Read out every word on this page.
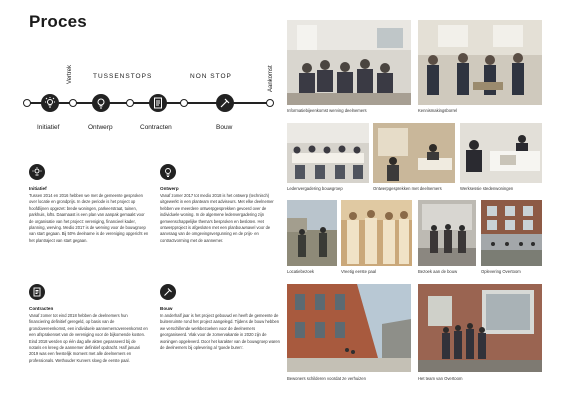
Proces
Vertrek	Aankomst
TUSSENSTOPS	NON STOP
Initiatief	Ontwerp	Contracten	Bouw
Initiatief
Tussen 2014 en 2016 hebben we met de gemeente gesproken over locatie en grondprijs. In deze periode is het project op hoofdlijnen opgezet: brede woningen, parkeerstraat, tuinen, parkhuis, lofts. Daarnaast is een plan van aanpak gemaakt voor de organisatie van het project: vereniging, financieel kader, planning, werving. Medio 2017 is de werving voor de bouwgroep van start gegaan. Bij 50% deelname is de vereniging opgericht en het plantraject van start gegaan.
Ontwerp
Vanaf zomer 2017 tot medio 2018 is het ontwerp (technisch) uitgewerkt in een planteam met adviseurs. Met elke deelnemer hebben we meerdere ontwerpgesprekken gevoerd over de individuele woning. In de algemene ledenvergadering zijn gemeenschappelijke thema's besproken en besloten. Het ontwerpproject is afgesloten met een planbouwnavel voor de aanvraag van de omgevingsvergunning en de prijs- en contractvorming met de aannemer.
Contracten
Vanaf zomer tot eind 2018 hebben de deelnemers hun financiering definitief geregeld, op basis van de grondovereenkomst, een individuele aannemersovereenkomst en een afsprakenset van de vereniging voor de bijkomende kosten. Eind 2018 werden op één dag alle akten gepasseerd bij de notaris en kreeg de aannemer definitief opdracht. Half januari 2019 was een feestelijk moment met alle deelnemers en professionals. Wethouder Kurvers sloeg de eerste paal.
Bouw
In anderhalf jaar is het project gebouwd en heeft de gemeente de buitenruimte rond het project aangelegd. Tijdens de bouw hebben we verschillende werkbezoeken voor de deelnemers georganiseerd. Vlak voor de zomervakantie in 2020 zijn de woningen opgeleverd. Door het karakter van de bouwgroep waren de deelnemers bij oplevering al 'goede buren'.
Informatiebijeenkomst werving deelnemers	Kennismakingsborrel
Ledenvergadering bouwgroep	Ontwerpgesprekken met deelnemers	Werksessie stedenwoningen
Locatiebezoek	Vreetig eerste paal	Bezoek aan de bouw	Oplevering Overtoom
Bewoners schilderen voordat ze verhuizen	Het team van Overtoom
